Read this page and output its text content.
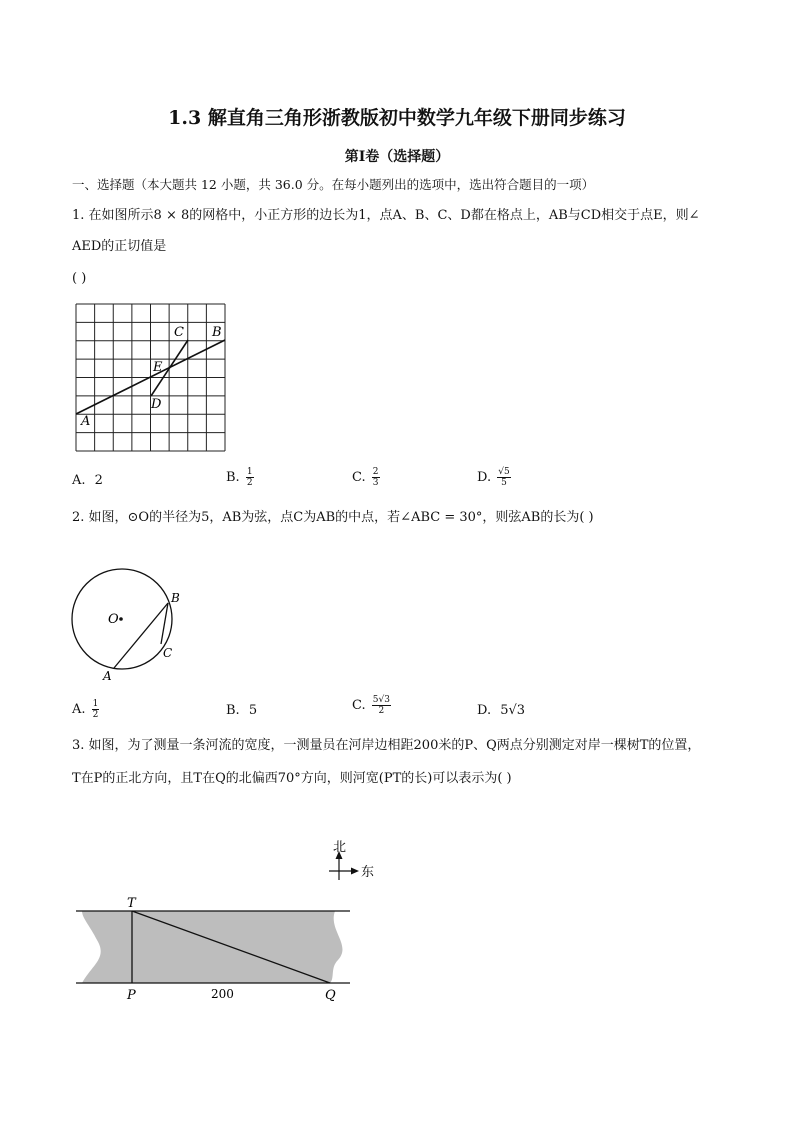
1.3 解直角三角形浙教版初中数学九年级下册同步练习
第I卷（选择题）
一、选择题（本大题共 12 小题，共 36.0 分。在每小题列出的选项中，选出符合题目的一项）
1. 在如图所示8 × 8的网格中，小正方形的边长为1，点A、B、C、D都在格点上，AB与CD相交于点E，则∠
AED的正切值是
( )
C B
E
D
A
A. 2	B. $\frac{1}{2}$	C. $\frac{2}{3}$	D. $\frac{√5}{5}$
2. 如图，⊙O的半径为5，AB为弦，点C为AB的中点，若∠ABC = 30°，则弦AB的长为( )
O
B
C
A
A. $\frac{1}{2}$	B. 5	C. $\frac{5√3}{2}$	D. 5√3
3. 如图，为了测量一条河流的宽度，一测量员在河岸边相距200米的P、Q两点分别测定对岸一棵树T的位置，
T在P的正北方向，且T在Q的北偏西70°方向，则河宽(PT的长)可以表示为( )
北
东
T
P	200	Q
